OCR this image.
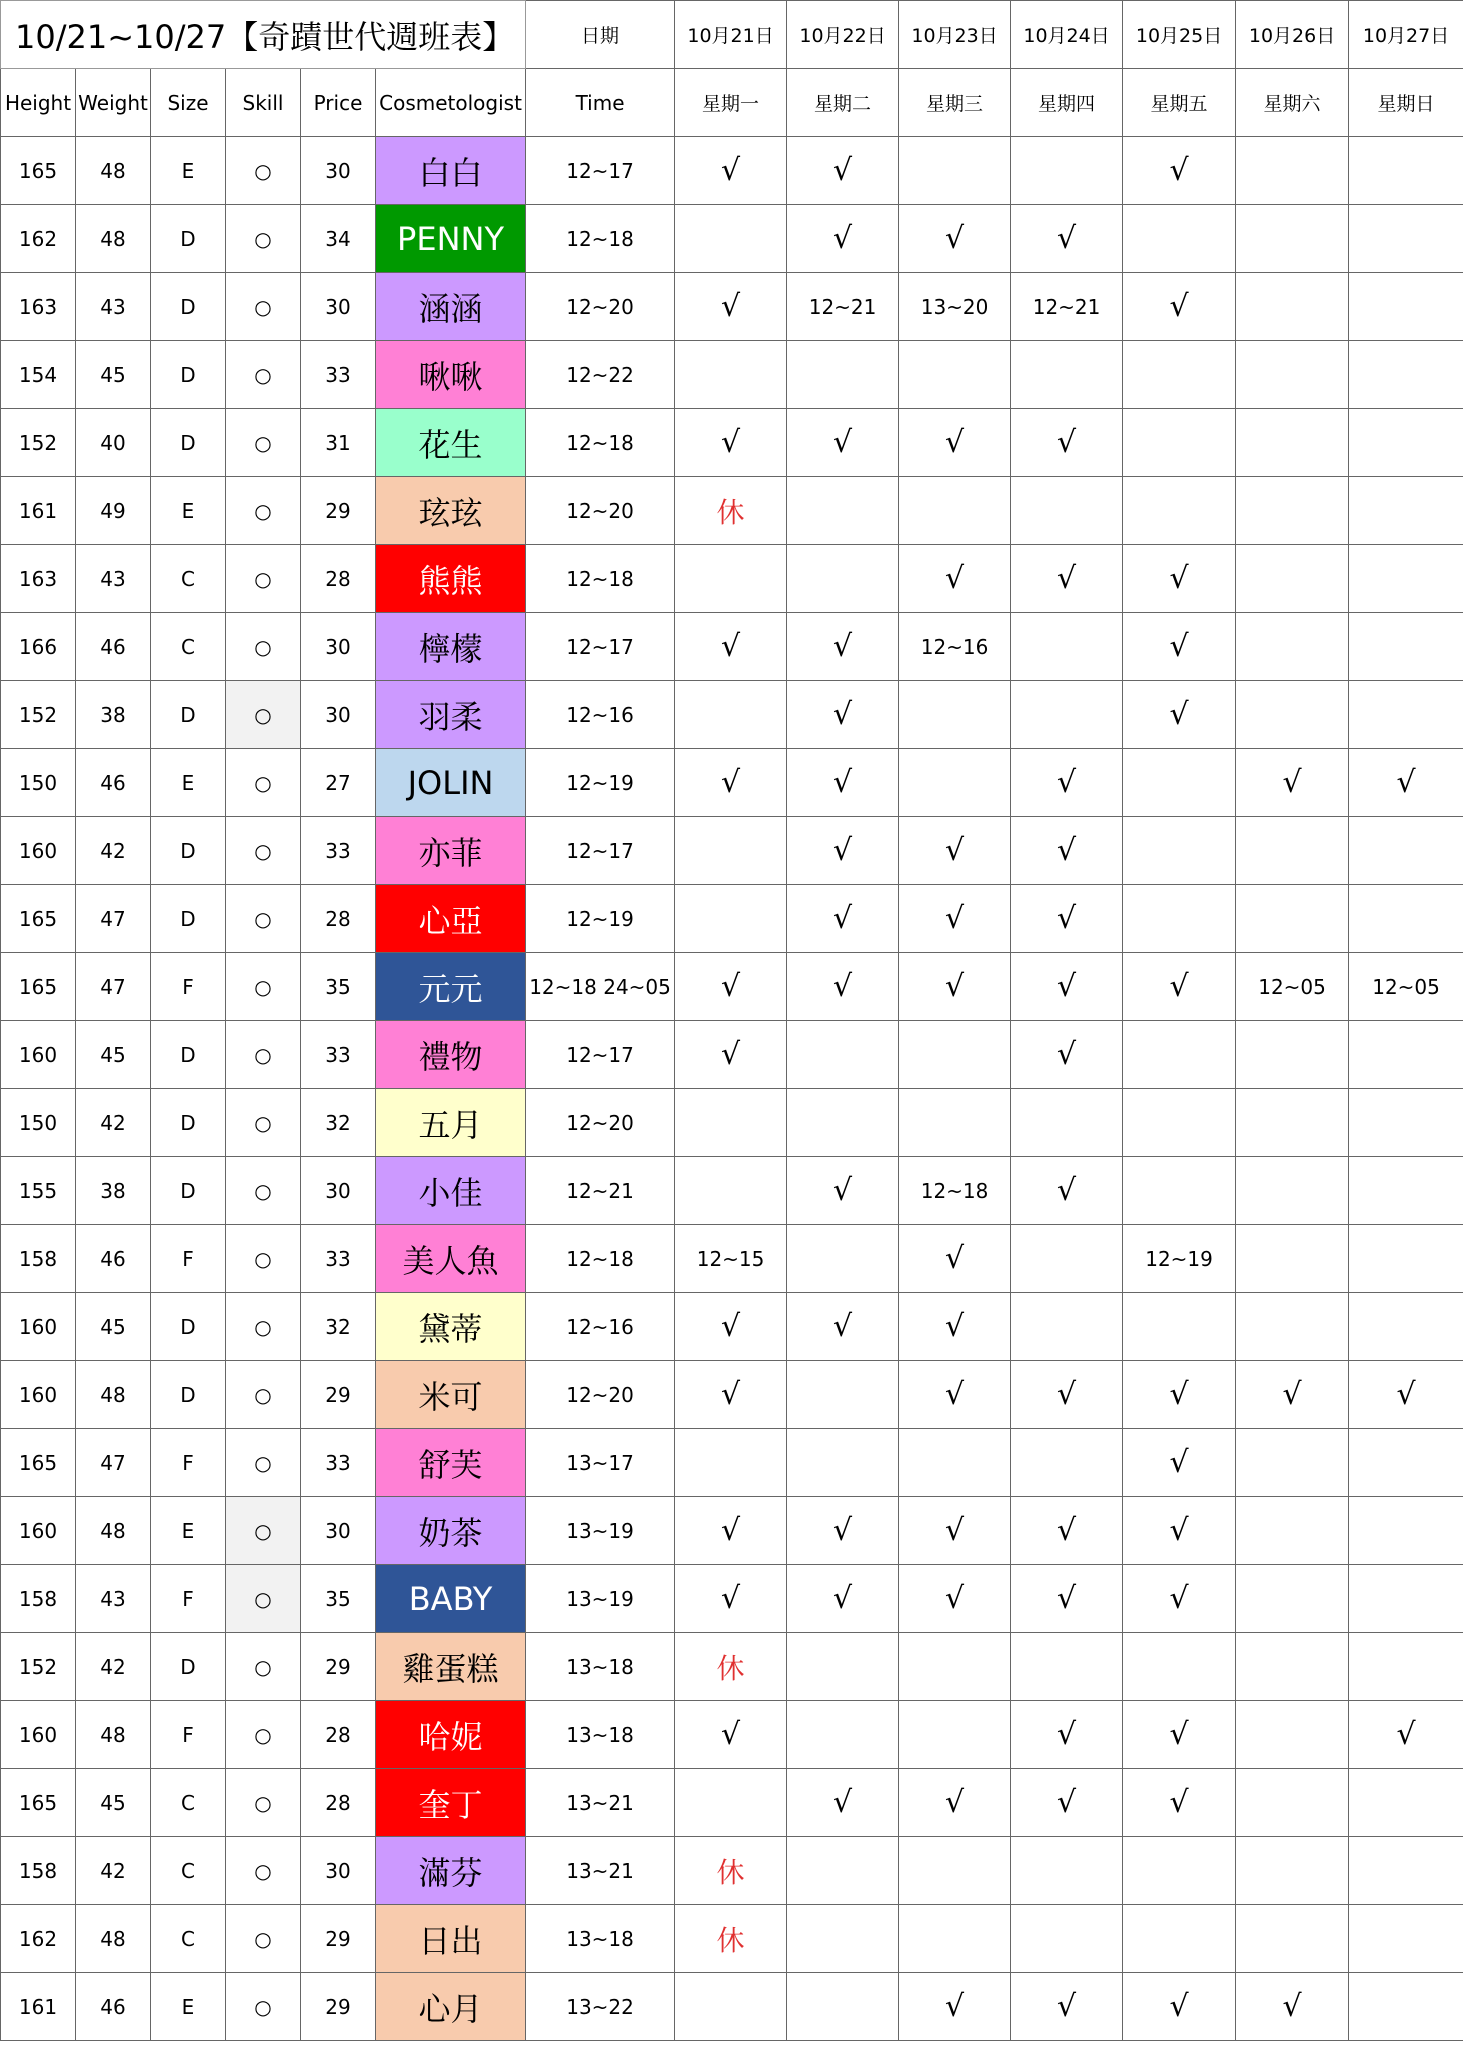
10/21~10/27【奇蹟世代週班表】						日期	10月21日	10月22日	10月23日	10月24日	10月25日	10月26日	10月27日
Height	Weight	Size	Skill	Price	Cosmetologist	Time	星期一	星期二	星期三	星期四	星期五	星期六	星期日
165	48	E	○	30	白白	12~17	√	√			√		
162	48	D	○	34	PENNY	12~18		√	√	√			
163	43	D	○	30	涵涵	12~20	√	12~21	13~20	12~21	√		
154	45	D	○	33	啾啾	12~22							
152	40	D	○	31	花生	12~18	√	√	√	√			
161	49	E	○	29	玹玹	12~20	休						
163	43	C	○	28	熊熊	12~18			√	√	√		
166	46	C	○	30	檸檬	12~17	√	√	12~16		√		
152	38	D	○	30	羽柔	12~16		√			√		
150	46	E	○	27	JOLIN	12~19	√	√		√		√	√
160	42	D	○	33	亦菲	12~17		√	√	√			
165	47	D	○	28	心亞	12~19		√	√	√			
165	47	F	○	35	元元	12~18 24~05	√	√	√	√	√	12~05	12~05
160	45	D	○	33	禮物	12~17	√			√			
150	42	D	○	32	五月	12~20							
155	38	D	○	30	小佳	12~21		√	12~18	√			
158	46	F	○	33	美人魚	12~18	12~15		√		12~19		
160	45	D	○	32	黛蒂	12~16	√	√	√				
160	48	D	○	29	米可	12~20	√		√	√	√	√	√
165	47	F	○	33	舒芙	13~17					√		
160	48	E	○	30	奶茶	13~19	√	√	√	√	√		
158	43	F	○	35	BABY	13~19	√	√	√	√	√		
152	42	D	○	29	雞蛋糕	13~18	休						
160	48	F	○	28	哈妮	13~18	√			√	√		√
165	45	C	○	28	奎丁	13~21		√	√	√	√		
158	42	C	○	30	滿芬	13~21	休						
162	48	C	○	29	日出	13~18	休						
161	46	E	○	29	心月	13~22			√	√	√	√	
